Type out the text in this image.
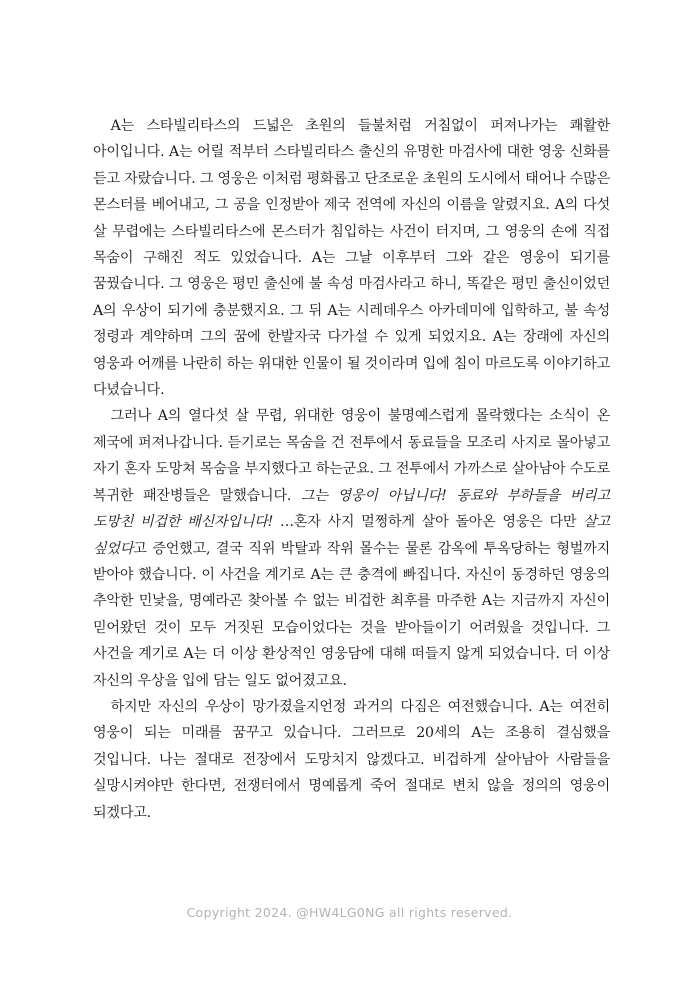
A는 스타빌리타스의 드넓은 초원의 들불처럼 거침없이 퍼져나가는 쾌활한 아이입니다. A는 어릴 적부터 스타빌리타스 출신의 유명한 마검사에 대한 영웅 신화를 듣고 자랐습니다. 그 영웅은 이처럼 평화롭고 단조로운 초원의 도시에서 태어나 수많은 몬스터를 베어내고, 그 공을 인정받아 제국 전역에 자신의 이름을 알렸지요. A의 다섯 살 무렵에는 스타빌리타스에 몬스터가 침입하는 사건이 터지며, 그 영웅의 손에 직접 목숨이 구해진 적도 있었습니다. A는 그날 이후부터 그와 같은 영웅이 되기를 꿈꿨습니다. 그 영웅은 평민 출신에 불 속성 마검사라고 하니, 똑같은 평민 출신이었던 A의 우상이 되기에 충분했지요. 그 뒤 A는 시레데우스 아카데미에 입학하고, 불 속성 정령과 계약하며 그의 꿈에 한발자국 다가설 수 있게 되었지요. A는 장래에 자신의 영웅과 어깨를 나란히 하는 위대한 인물이 될 것이라며 입에 침이 마르도록 이야기하고 다녔습니다.

그러나 A의 열다섯 살 무렵, 위대한 영웅이 불명예스럽게 몰락했다는 소식이 온 제국에 퍼져나갑니다. 듣기로는 목숨을 건 전투에서 동료들을 모조리 사지로 몰아넣고 자기 혼자 도망쳐 목숨을 부지했다고 하는군요. 그 전투에서 가까스로 살아남아 수도로 복귀한 패잔병들은 말했습니다. 그는 영웅이 아닙니다! 동료와 부하들을 버리고 도망친 비겁한 배신자입니다! …혼자 사지 멀쩡하게 살아 돌아온 영웅은 다만 살고 싶었다고 증언했고, 결국 직위 박탈과 작위 몰수는 물론 감옥에 투옥당하는 형벌까지 받아야 했습니다. 이 사건을 계기로 A는 큰 충격에 빠집니다. 자신이 동경하던 영웅의 추악한 민낯을, 명예라곤 찾아볼 수 없는 비겁한 최후를 마주한 A는 지금까지 자신이 믿어왔던 것이 모두 거짓된 모습이었다는 것을 받아들이기 어려웠을 것입니다. 그 사건을 계기로 A는 더 이상 환상적인 영웅담에 대해 떠들지 않게 되었습니다. 더 이상 자신의 우상을 입에 담는 일도 없어졌고요.

하지만 자신의 우상이 망가졌을지언정 과거의 다짐은 여전했습니다. A는 여전히 영웅이 되는 미래를 꿈꾸고 있습니다. 그러므로 20세의 A는 조용히 결심했을 것입니다. 나는 절대로 전장에서 도망치지 않겠다고. 비겁하게 살아남아 사람들을 실망시켜야만 한다면, 전쟁터에서 명예롭게 죽어 절대로 변치 않을 정의의 영웅이 되겠다고.

Copyright 2024. @HW4LG0NG all rights reserved.
